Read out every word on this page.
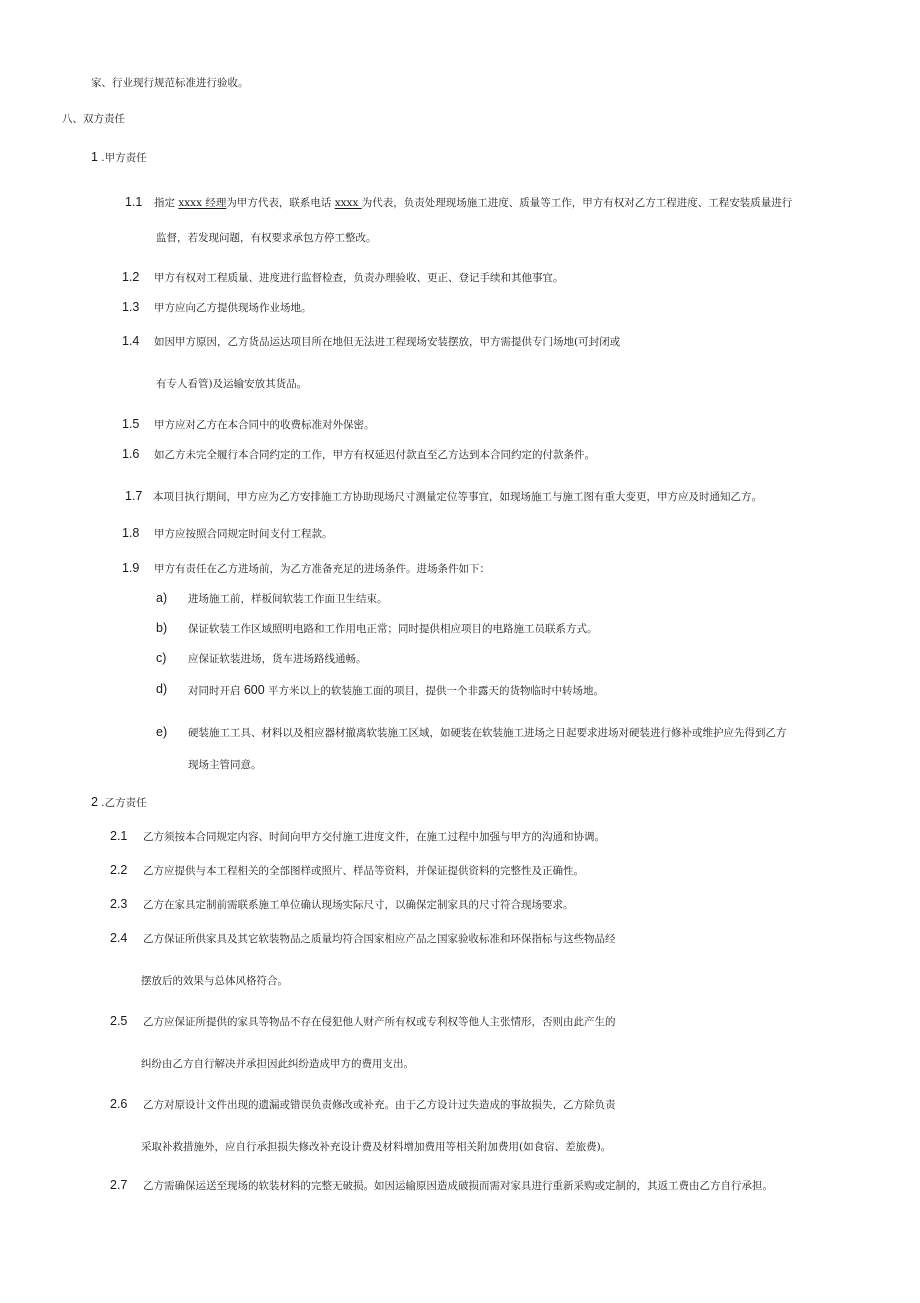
家、行业现行规范标准进行验收。
八、双方责任
1 .甲方责任
1.1 指定 xxxx 经理为甲方代表，联系电话 xxxx 为代表，负责处理现场施工进度、质量等工作，甲方有权对乙方工程进度、工程安装质量进行
监督，若发现问题，有权要求承包方停工整改。
1.2 甲方有权对工程质量、进度进行监督检查，负责办理验收、更正、登记手续和其他事宜。
1.3 甲方应向乙方提供现场作业场地。
1.4 如因甲方原因，乙方货品运达项目所在地但无法进工程现场安装摆放，甲方需提供专门场地(可封闭或
有专人看管)及运输安放其货品。
1.5 甲方应对乙方在本合同中的收费标准对外保密。
1.6 如乙方未完全履行本合同约定的工作，甲方有权延迟付款直至乙方达到本合同约定的付款条件。
1.7 本项目执行期间，甲方应为乙方安排施工方协助现场尺寸测量定位等事宜，如现场施工与施工图有重大变更，甲方应及时通知乙方。
1.8 甲方应按照合同规定时间支付工程款。
1.9 甲方有责任在乙方进场前，为乙方准备充足的进场条件。进场条件如下：
a) 进场施工前，样板间软装工作面卫生结束。
b) 保证软装工作区域照明电路和工作用电正常；同时提供相应项目的电路施工员联系方式。
c) 应保证软装进场，货车进场路线通畅。
d) 对同时开启 600 平方米以上的软装施工面的项目，提供一个非露天的货物临时中转场地。
e) 硬装施工工具、材料以及相应器材撤离软装施工区域，如硬装在软装施工进场之日起要求进场对硬装进行修补或维护应先得到乙方
现场主管同意。
2 .乙方责任
2.1 乙方须按本合同规定内容、时间向甲方交付施工进度文件，在施工过程中加强与甲方的沟通和协调。
2.2 乙方应提供与本工程相关的全部图样或照片、样品等资料，并保证提供资料的完整性及正确性。
2.3 乙方在家具定制前需联系施工单位确认现场实际尺寸，以确保定制家具的尺寸符合现场要求。
2.4 乙方保证所供家具及其它软装物品之质量均符合国家相应产品之国家验收标准和环保指标与这些物品经
摆放后的效果与总体风格符合。
2.5 乙方应保证所提供的家具等物品不存在侵犯他人财产所有权或专利权等他人主张情形，否则由此产生的
纠纷由乙方自行解决并承担因此纠纷造成甲方的费用支出。
2.6 乙方对原设计文件出现的遗漏或错误负责修改或补充。由于乙方设计过失造成的事故损失，乙方除负责
采取补救措施外，应自行承担损失修改补充设计费及材料增加费用等相关附加费用(如食宿、差旅费)。
2.7 乙方需确保运送至现场的软装材料的完整无破损。如因运输原因造成破损而需对家具进行重新采购或定制的，其返工费由乙方自行承担。
